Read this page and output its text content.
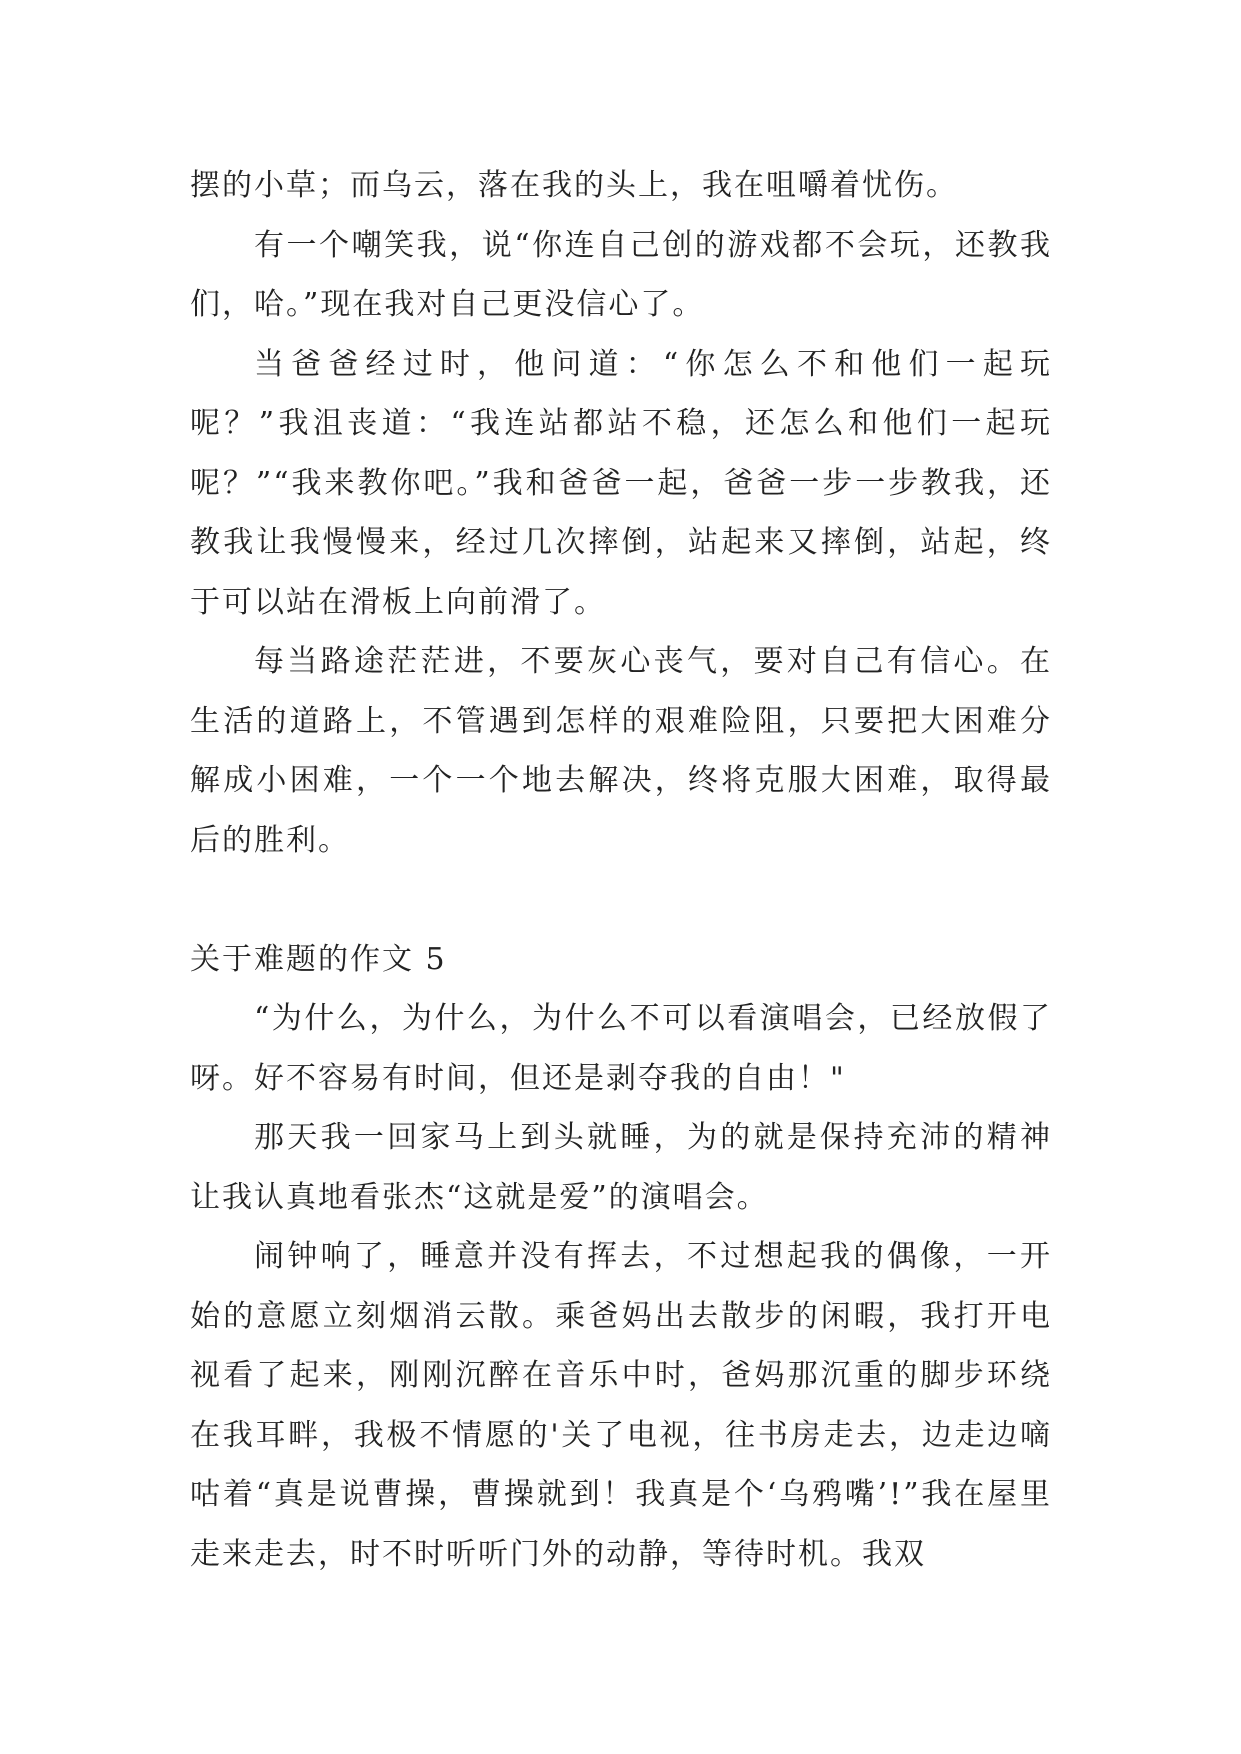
摆的小草；而乌云，落在我的头上，我在咀嚼着忧伤。

有一个嘲笑我，说“你连自己创的游戏都不会玩，还教我们，哈。”现在我对自己更没信心了。

当爸爸经过时，他问道：“你怎么不和他们一起玩呢？”我沮丧道：“我连站都站不稳，还怎么和他们一起玩呢？”“我来教你吧。”我和爸爸一起，爸爸一步一步教我，还教我让我慢慢来，经过几次摔倒，站起来又摔倒，站起，终于可以站在滑板上向前滑了。

每当路途茫茫进，不要灰心丧气，要对自己有信心。在生活的道路上，不管遇到怎样的艰难险阻，只要把大困难分解成小困难，一个一个地去解决，终将克服大困难，取得最后的胜利。

关于难题的作文 5

“为什么，为什么，为什么不可以看演唱会，已经放假了呀。好不容易有时间，但还是剥夺我的自由！"

那天我一回家马上到头就睡，为的就是保持充沛的精神让我认真地看张杰“这就是爱”的演唱会。

闹钟响了，睡意并没有挥去，不过想起我的偶像，一开始的意愿立刻烟消云散。乘爸妈出去散步的闲暇，我打开电视看了起来，刚刚沉醉在音乐中时，爸妈那沉重的脚步环绕在我耳畔，我极不情愿的'关了电视，往书房走去，边走边嘀咕着“真是说曹操，曹操就到！我真是个‘乌鸦嘴’!”我在屋里走来走去，时不时听听门外的动静，等待时机。我双
